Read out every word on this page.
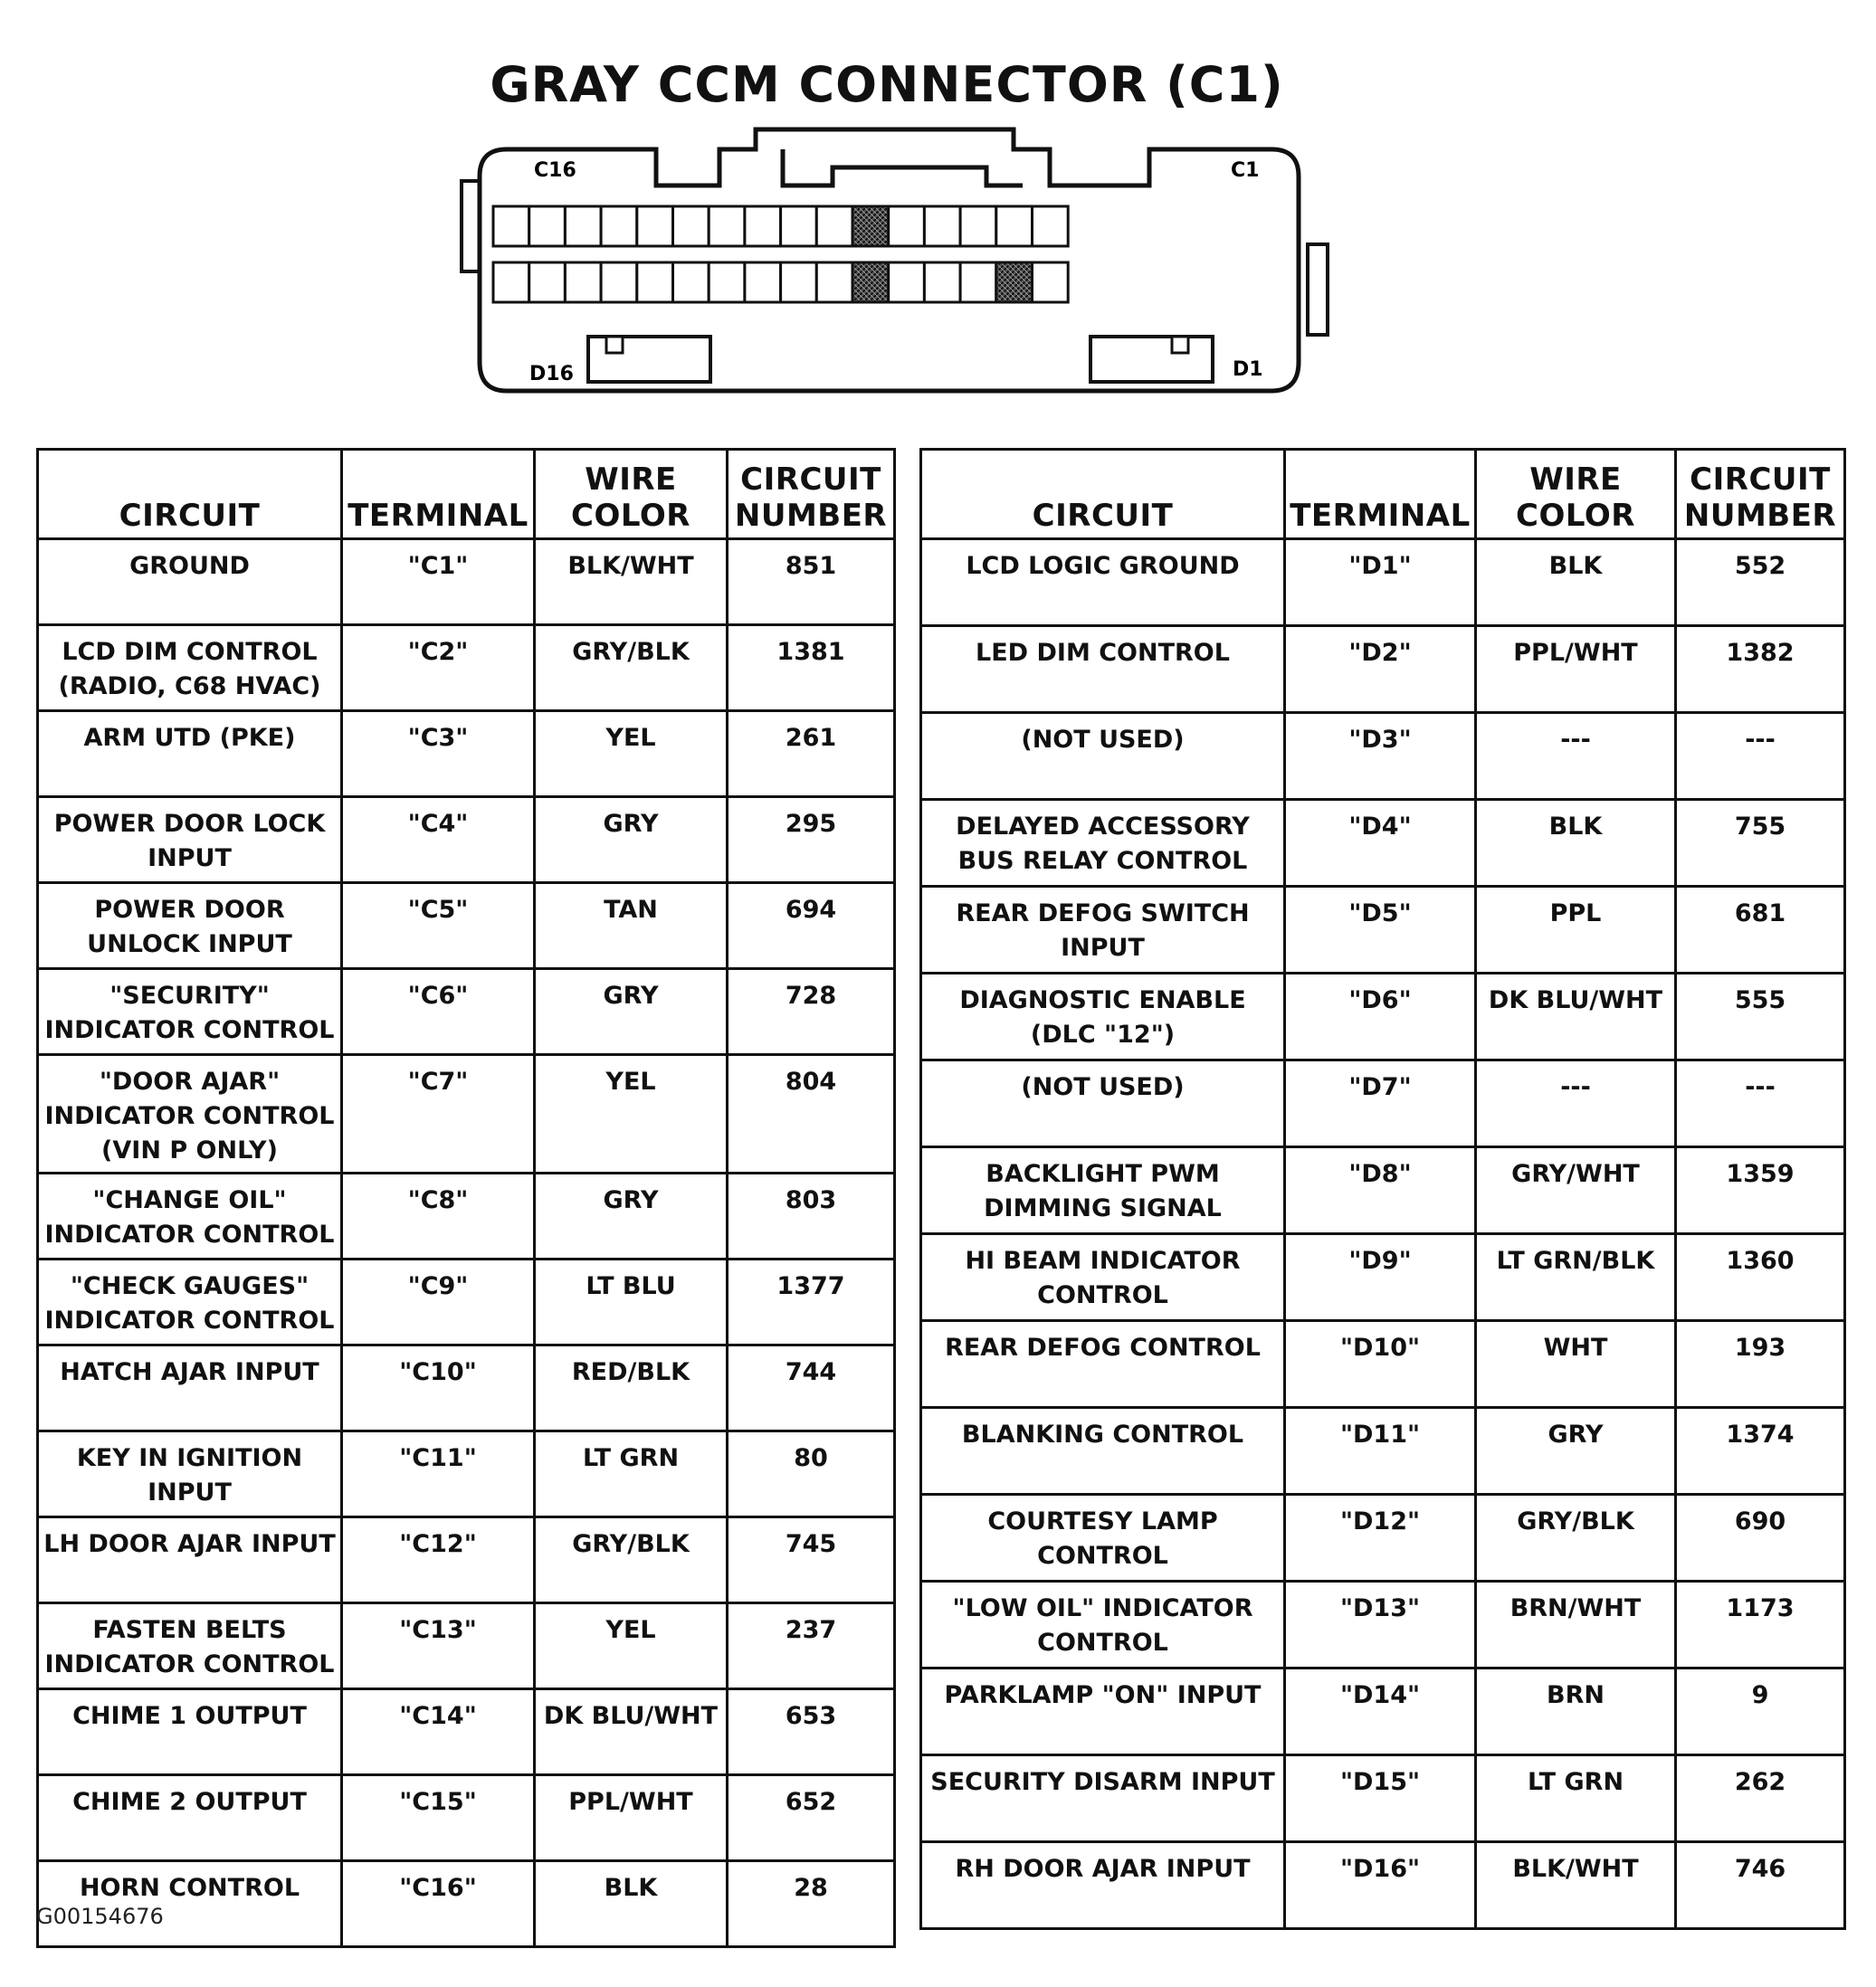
GRAY CCM CONNECTOR (C1)
C16	C1
D16	D1
CIRCUIT	TERMINAL	WIRE COLOR	CIRCUIT NUMBER
GROUND	"C1"	BLK/WHT	851
LCD DIM CONTROL (RADIO, C68 HVAC)	"C2"	GRY/BLK	1381
ARM UTD (PKE)	"C3"	YEL	261
POWER DOOR LOCK INPUT	"C4"	GRY	295
POWER DOOR UNLOCK INPUT	"C5"	TAN	694
"SECURITY" INDICATOR CONTROL	"C6"	GRY	728
"DOOR AJAR" INDICATOR CONTROL (VIN P ONLY)	"C7"	YEL	804
"CHANGE OIL" INDICATOR CONTROL	"C8"	GRY	803
"CHECK GAUGES" INDICATOR CONTROL	"C9"	LT BLU	1377
HATCH AJAR INPUT	"C10"	RED/BLK	744
KEY IN IGNITION INPUT	"C11"	LT GRN	80
LH DOOR AJAR INPUT	"C12"	GRY/BLK	745
FASTEN BELTS INDICATOR CONTROL	"C13"	YEL	237
CHIME 1 OUTPUT	"C14"	DK BLU/WHT	653
CHIME 2 OUTPUT	"C15"	PPL/WHT	652
HORN CONTROL	"C16"	BLK	28
CIRCUIT	TERMINAL	WIRE COLOR	CIRCUIT NUMBER
LCD LOGIC GROUND	"D1"	BLK	552
LED DIM CONTROL	"D2"	PPL/WHT	1382
(NOT USED)	"D3"	---	---
DELAYED ACCESSORY BUS RELAY CONTROL	"D4"	BLK	755
REAR DEFOG SWITCH INPUT	"D5"	PPL	681
DIAGNOSTIC ENABLE (DLC "12")	"D6"	DK BLU/WHT	555
(NOT USED)	"D7"	---	---
BACKLIGHT PWM DIMMING SIGNAL	"D8"	GRY/WHT	1359
HI BEAM INDICATOR CONTROL	"D9"	LT GRN/BLK	1360
REAR DEFOG CONTROL	"D10"	WHT	193
BLANKING CONTROL	"D11"	GRY	1374
COURTESY LAMP CONTROL	"D12"	GRY/BLK	690
"LOW OIL" INDICATOR CONTROL	"D13"	BRN/WHT	1173
PARKLAMP "ON" INPUT	"D14"	BRN	9
SECURITY DISARM INPUT	"D15"	LT GRN	262
RH DOOR AJAR INPUT	"D16"	BLK/WHT	746
G00154676
